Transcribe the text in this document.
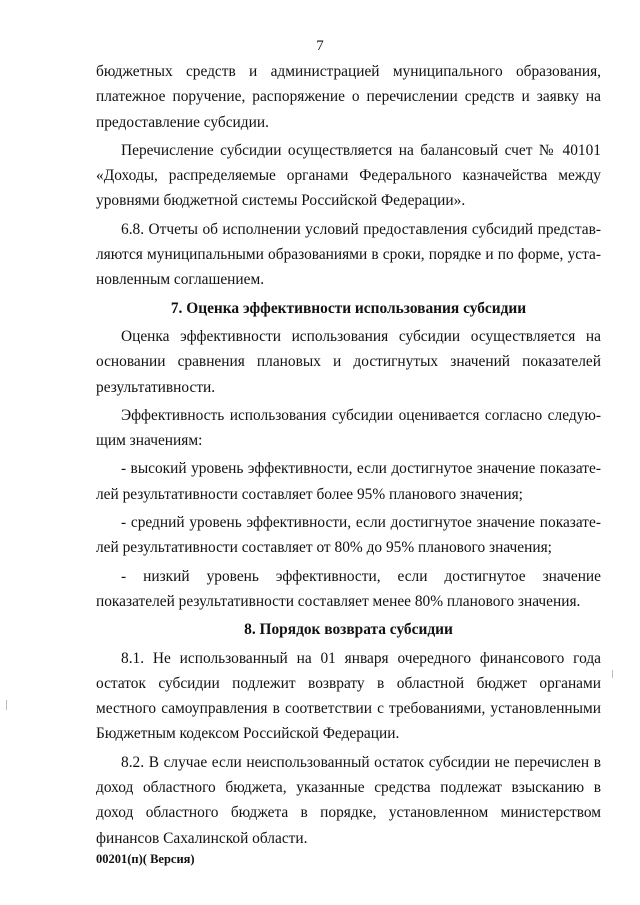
7

бюджетных средств и администрацией муниципального образования, платежное поручение, распоряжение о перечислении средств и заявку на предоставление субсидии.

Перечисление субсидии осуществляется на балансовый счет № 40101 «Доходы, распределяемые органами Федерального казначейства между уровнями бюджетной системы Российской Федерации».

6.8. Отчеты об исполнении условий предоставления субсидий представляются муниципальными образованиями в сроки, порядке и по форме, установленным соглашением.

7. Оценка эффективности использования субсидии

Оценка эффективности использования субсидии осуществляется на основании сравнения плановых и достигнутых значений показателей результативности.

Эффективность использования субсидии оценивается согласно следующим значениям:

- высокий уровень эффективности, если достигнутое значение показателей результативности составляет более 95% планового значения;

- средний уровень эффективности, если достигнутое значение показателей результативности составляет от 80% до 95% планового значения;

- низкий уровень эффективности, если достигнутое значение показателей результативности составляет менее 80% планового значения.

8. Порядок возврата субсидии

8.1. Не использованный на 01 января очередного финансового года остаток субсидии подлежит возврату в областной бюджет органами местного самоуправления в соответствии с требованиями, установленными Бюджетным кодексом Российской Федерации.

8.2. В случае если неиспользованный остаток субсидии не перечислен в доход областного бюджета, указанные средства подлежат взысканию в доход областного бюджета в порядке, установленном министерством финансов Сахалинской области.

00201(п)( Версия)
